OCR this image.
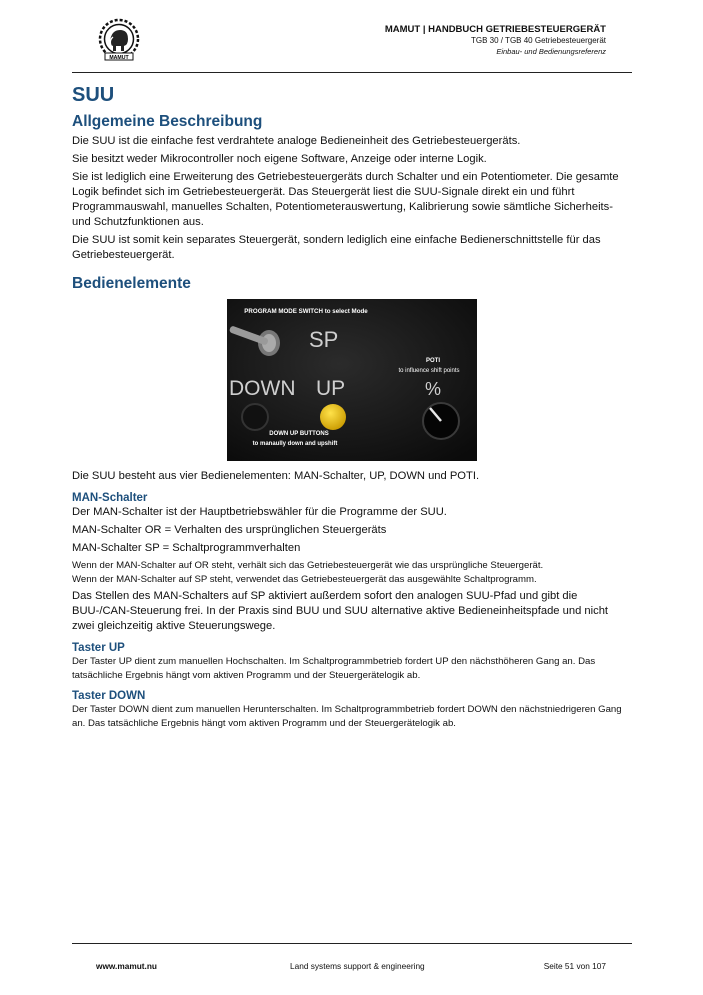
MAMUT
MAMUT | HANDBUCH GETRIEBESTEUERGERÄT
TGB 30 / TGB 40 Getriebesteuergerät
Einbau- und Bedienungsreferenz
SUU
Allgemeine Beschreibung

Die SUU ist die einfache fest verdrahtete analoge Bedieneinheit des Getriebesteuergeräts.

Sie besitzt weder Mikrocontroller noch eigene Software, Anzeige oder interne Logik.

Sie ist lediglich eine Erweiterung des Getriebesteuergeräts durch Schalter und ein Potentiometer. Die gesamte Logik befindet sich im Getriebesteuergerät. Das Steuergerät liest die SUU-Signale direkt ein und führt Programmauswahl, manuelles Schalten, Potentiometerauswertung, Kalibrierung sowie sämtliche Sicherheits- und Schutzfunktionen aus.

Die SUU ist somit kein separates Steuergerät, sondern lediglich eine einfache Bedienerschnittstelle für das Getriebesteuergerät.

Bedienelemente
PROGRAM MODE SWITCH to select Mode
SP
DOWN UP
POTI
to influence shift points
%
DOWN UP BUTTONS
to manaully down and upshift

Die SUU besteht aus vier Bedienelementen: MAN-Schalter, UP, DOWN und POTI.

MAN-Schalter

Der MAN-Schalter ist der Hauptbetriebswähler für die Programme der SUU.

MAN-Schalter OR = Verhalten des ursprünglichen Steuergeräts

MAN-Schalter SP = Schaltprogrammverhalten

Wenn der MAN-Schalter auf OR steht, verhält sich das Getriebesteuergerät wie das ursprüngliche Steuergerät.

Wenn der MAN-Schalter auf SP steht, verwendet das Getriebesteuergerät das ausgewählte Schaltprogramm.

Das Stellen des MAN-Schalters auf SP aktiviert außerdem sofort den analogen SUU-Pfad und gibt die BUU-/CAN-Steuerung frei. In der Praxis sind BUU und SUU alternative aktive Bedieneinheitspfade und nicht zwei gleichzeitig aktive Steuerungswege.

Taster UP

Der Taster UP dient zum manuellen Hochschalten. Im Schaltprogrammbetrieb fordert UP den nächsthöheren Gang an. Das tatsächliche Ergebnis hängt vom aktiven Programm und der Steuergerätelogik ab.

Taster DOWN

Der Taster DOWN dient zum manuellen Herunterschalten. Im Schaltprogrammbetrieb fordert DOWN den nächstniedrigeren Gang an. Das tatsächliche Ergebnis hängt vom aktiven Programm und der Steuergerätelogik ab.

www.mamut.nu	Land systems support & engineering	Seite 51 von 107
